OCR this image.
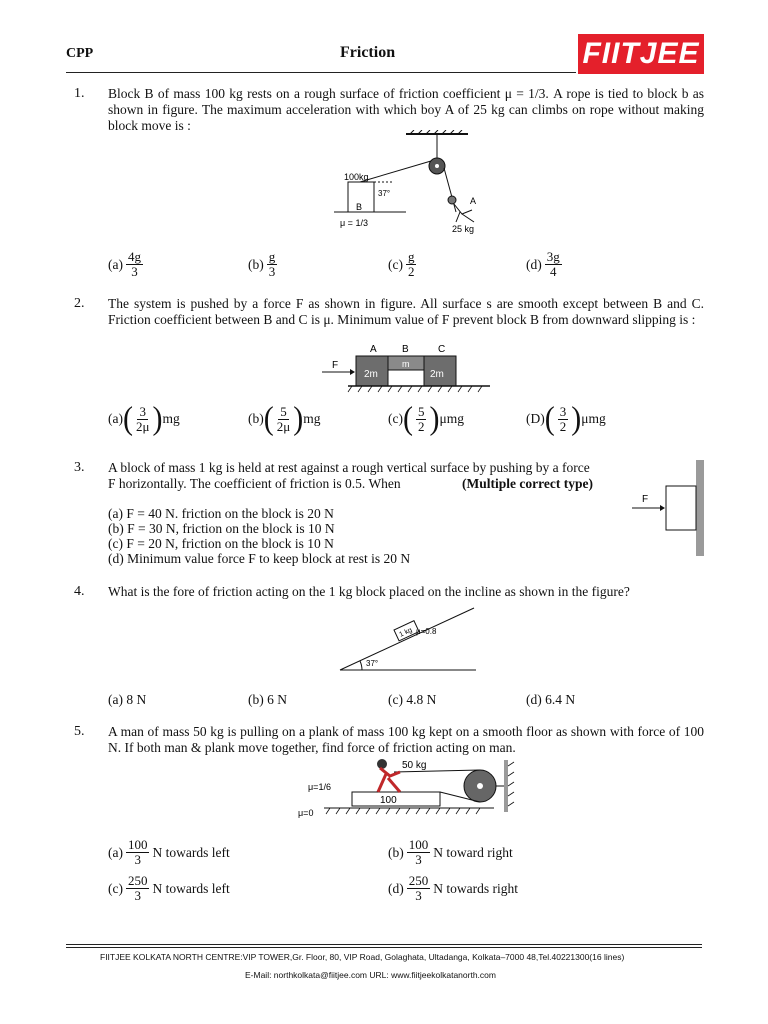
CPP	Friction	FIITJEE
1. Block B of mass 100 kg rests on a rough surface of friction coefficient μ = 1/3. A rope is tied to block b as shown in figure. The maximum acceleration with which boy A of 25 kg can climbs on rope without making block move is :
100kg
B
37°
μ = 1/3
A
25 kg
$(a) \frac{4g}{3}$	$(b) \frac{g}{3}$	$(c) \frac{g}{2}$	$(d) \frac{3g}{4}$
2. The system is pushed by a force F as shown in figure. All surface s are smooth except between B and C. Friction coefficient between B and C is μ. Minimum value of F prevent block B from downward slipping is :
F
A	B	C
2m
m
2m
(a) ( $\frac{3}{2\mu}$ ) mg	(b) ( $\frac{5}{2\mu}$ ) mg	(c) ( $\frac{5}{2}$ ) μmg	(D) ( $\frac{3}{2}$ ) μmg
3. A block of mass 1 kg is held at rest against a rough vertical surface by pushing by a force
F horizontally. The coefficient of friction is 0.5. When	(Multiple correct type)
F
(a) F = 40 N. friction on the block is 20 N
(b) F = 30 N, friction on the block is 10 N
(c) F = 20 N, friction on the block is 10 N
(d) Minimum value force F to keep block at rest is 20 N
4. What is the fore of friction acting on the 1 kg block placed on the incline as shown in the figure?
37°
1 kg μ=0.8
(a) 8 N	(b) 6 N	(c) 4.8 N	(d) 6.4 N
5. A man of mass 50 kg is pulling on a plank of mass 100 kg kept on a smooth floor as shown with force of 100 N. If both man & plank move together, find force of friction acting on man.
100
50 kg
μ=1/6
μ=0
$(a) \frac{100}{3}$ N towards left	$(b) \frac{100}{3}$ N toward right
$(c) \frac{250}{3}$ N towards left	$(d) \frac{250}{3}$ N towards right
FIITJEE KOLKATA NORTH CENTRE:VIP TOWER,Gr. Floor, 80, VIP Road, Golaghata, Ultadanga, Kolkata–7000 48,Tel.40221300(16 lines)
E-Mail: northkolkata@fiitjee.com URL: www.fiitjeekolkatanorth.com
